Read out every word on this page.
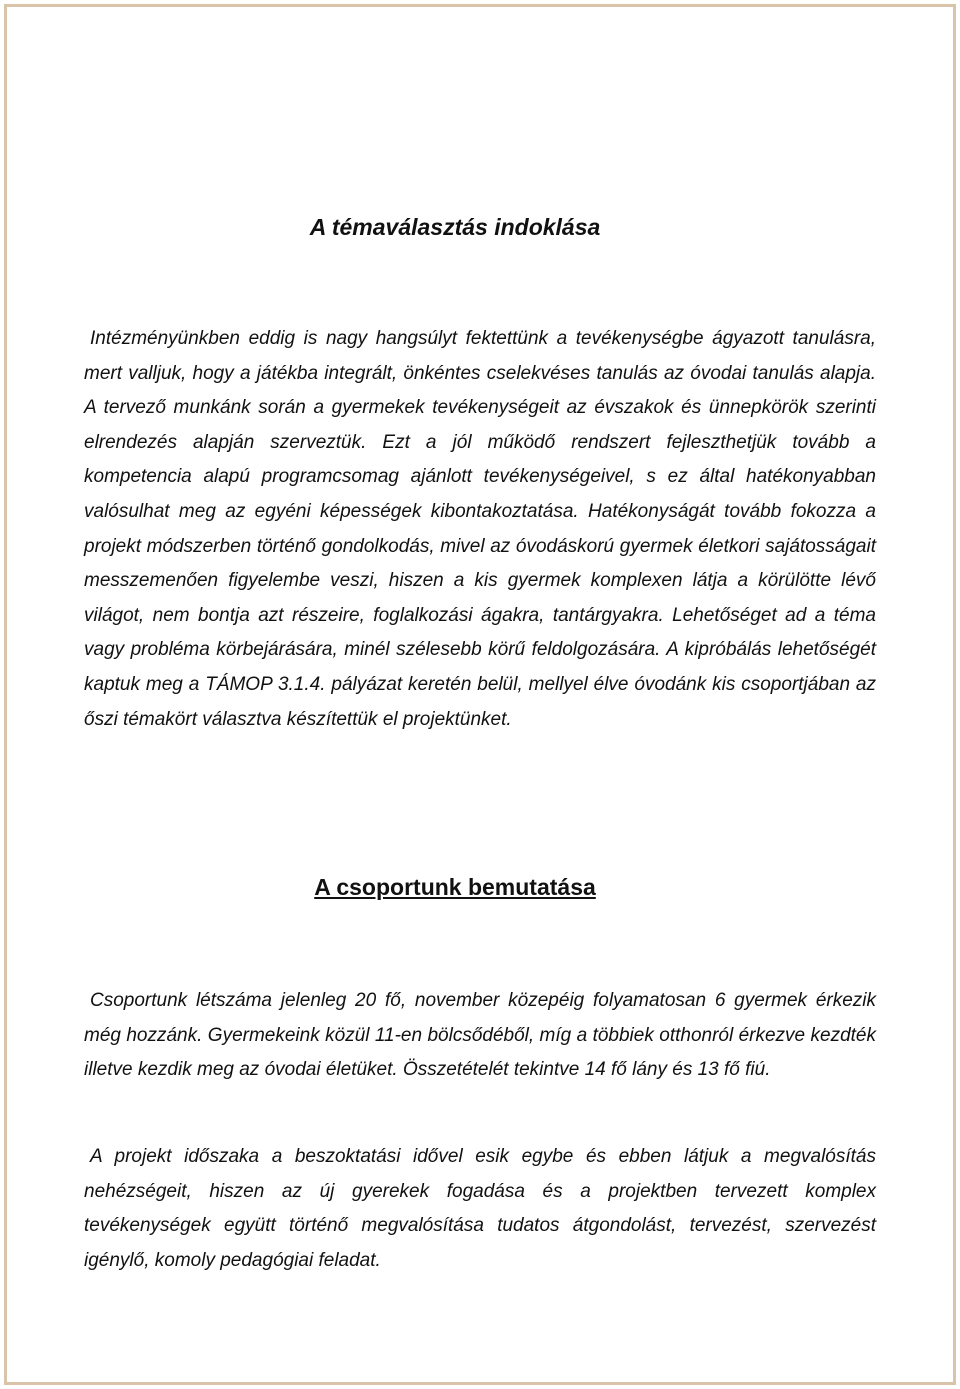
A témaválasztás indoklása

Intézményünkben eddig is nagy hangsúlyt fektettünk a tevékenységbe ágyazott tanulásra, mert valljuk, hogy a játékba integrált, önkéntes cselekvéses tanulás az óvodai tanulás alapja. A tervező munkánk során a gyermekek tevékenységeit az évszakok és ünnepkörök szerinti elrendezés alapján szerveztük. Ezt a jól működő rendszert fejleszthetjük tovább a kompetencia alapú programcsomag ajánlott tevékenységeivel, s ez által hatékonyabban valósulhat meg az egyéni képességek kibontakoztatása. Hatékonyságát tovább fokozza a projekt módszerben történő gondolkodás, mivel az óvodáskorú gyermek életkori sajátosságait messzemenően figyelembe veszi, hiszen a kis gyermek komplexen látja a körülötte lévő világot, nem bontja azt részeire, foglalkozási ágakra, tantárgyakra. Lehetőséget ad a téma vagy probléma körbejárására, minél szélesebb körű feldolgozására. A kipróbálás lehetőségét kaptuk meg a TÁMOP 3.1.4. pályázat keretén belül, mellyel élve óvodánk kis csoportjában az őszi témakört választva készítettük el projektünket.

A csoportunk bemutatása

Csoportunk létszáma jelenleg 20 fő, november közepéig folyamatosan 6 gyermek érkezik még hozzánk. Gyermekeink közül 11-en bölcsődéből, míg a többiek otthonról érkezve kezdték illetve kezdik meg az óvodai életüket. Összetételét tekintve 14 fő lány és 13 fő fiú.

A projekt időszaka a beszoktatási idővel esik egybe és ebben látjuk a megvalósítás nehézségeit, hiszen az új gyerekek fogadása és a projektben tervezett komplex tevékenységek együtt történő megvalósítása tudatos átgondolást, tervezést, szervezést igénylő, komoly pedagógiai feladat.
